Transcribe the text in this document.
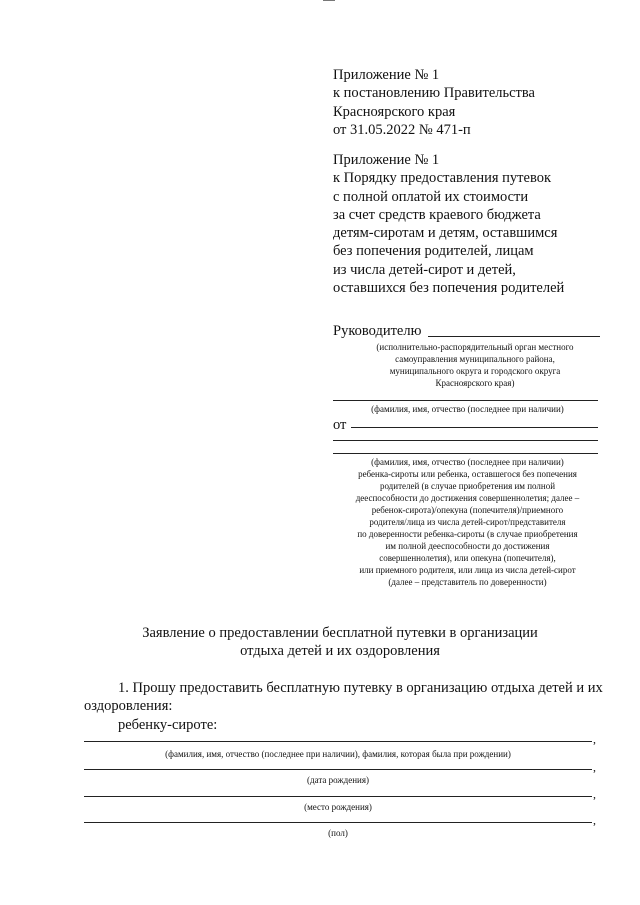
Приложение № 1
к постановлению Правительства
Красноярского края
от 31.05.2022 № 471-п
Приложение № 1
к Порядку предоставления путевок
с полной оплатой их стоимости
за счет средств краевого бюджета
детям-сиротам и детям, оставшимся
без попечения родителей, лицам
из числа детей-сирот и детей,
оставшихся без попечения родителей
Руководителю
(исполнительно-распорядительный орган местного
самоуправления муниципального района,
муниципального округа и городского округа
Красноярского края)
(фамилия, имя, отчество (последнее при наличии)
от
(фамилия, имя, отчество (последнее при наличии)
ребенка-сироты или ребенка, оставшегося без попечения
родителей (в случае приобретения им полной
дееспособности до достижения совершеннолетия; далее –
ребенок-сирота)/опекуна (попечителя)/приемного
родителя/лица из числа детей-сирот/представителя
по доверенности ребенка-сироты (в случае приобретения
им полной дееспособности до достижения
совершеннолетия), или опекуна (попечителя),
или приемного родителя, или лица из числа детей-сирот
(далее – представитель по доверенности)
Заявление о предоставлении бесплатной путевки в организации
отдыха детей и их оздоровления
1. Прошу предоставить бесплатную путевку в организацию отдыха детей и их оздоровления:
ребенку-сироте:
,
(фамилия, имя, отчество (последнее при наличии), фамилия, которая была при рождении)
,
(дата рождения)
,
(место рождения)
,
(пол)
